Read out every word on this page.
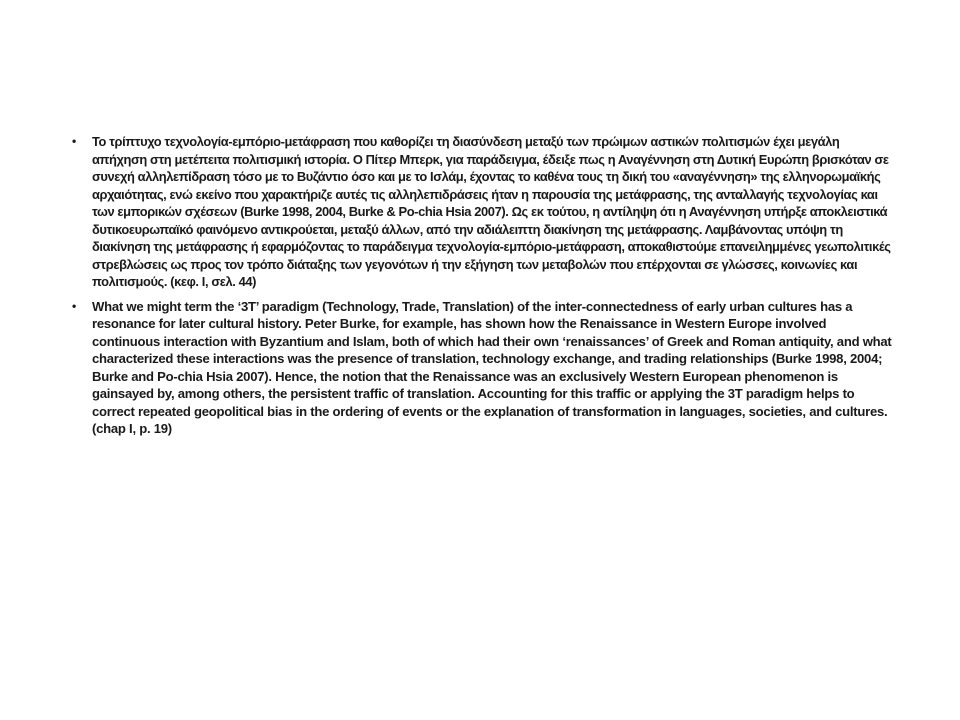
• Το τρίπτυχο τεχνολογία-εμπόριο-μετάφραση που καθορίζει τη διασύνδεση μεταξύ των πρώιμων αστικών πολιτισμών έχει μεγάλη απήχηση στη μετέπειτα πολιτισμική ιστορία. Ο Πίτερ Μπερκ, για παράδειγμα, έδειξε πως η Αναγέννηση στη Δυτική Ευρώπη βρισκόταν σε συνεχή αλληλεπίδραση τόσο με το Βυζάντιο όσο και με το Ισλάμ, έχοντας το καθένα τους τη δική του «αναγέννηση» της ελληνορωμαϊκής αρχαιότητας, ενώ εκείνο που χαρακτήριζε αυτές τις αλληλεπιδράσεις ήταν η παρουσία της μετάφρασης, της ανταλλαγής τεχνολογίας και των εμπορικών σχέσεων (Burke 1998, 2004, Burke & Po-chia Hsia 2007). Ως εκ τούτου, η αντίληψη ότι η Αναγέννηση υπήρξε αποκλειστικά δυτικοευρωπαϊκό φαινόμενο αντικρούεται, μεταξύ άλλων, από την αδιάλειπτη διακίνηση της μετάφρασης. Λαμβάνοντας υπόψη τη διακίνηση της μετάφρασης ή εφαρμόζοντας το παράδειγμα τεχνολογία-εμπόριο-μετάφραση, αποκαθιστούμε επανειλημμένες γεωπολιτικές στρεβλώσεις ως προς τον τρόπο διάταξης των γεγονότων ή την εξήγηση των μεταβολών που επέρχονται σε γλώσσες, κοινωνίες και πολιτισμούς. (κεφ. I, σελ. 44)
• What we might term the ‘3T’ paradigm (Technology, Trade, Translation) of the inter-connectedness of early urban cultures has a resonance for later cultural history. Peter Burke, for example, has shown how the Renaissance in Western Europe involved continuous interaction with Byzantium and Islam, both of which had their own ‘renaissances’ of Greek and Roman antiquity, and what characterized these interactions was the presence of translation, technology exchange, and trading relationships (Burke 1998, 2004; Burke and Po-chia Hsia 2007). Hence, the notion that the Renaissance was an exclusively Western European phenomenon is gainsayed by, among others, the persistent traffic of translation. Accounting for this traffic or applying the 3T paradigm helps to correct repeated geopolitical bias in the ordering of events or the explanation of transformation in languages, societies, and cultures. (chap I, p. 19)
